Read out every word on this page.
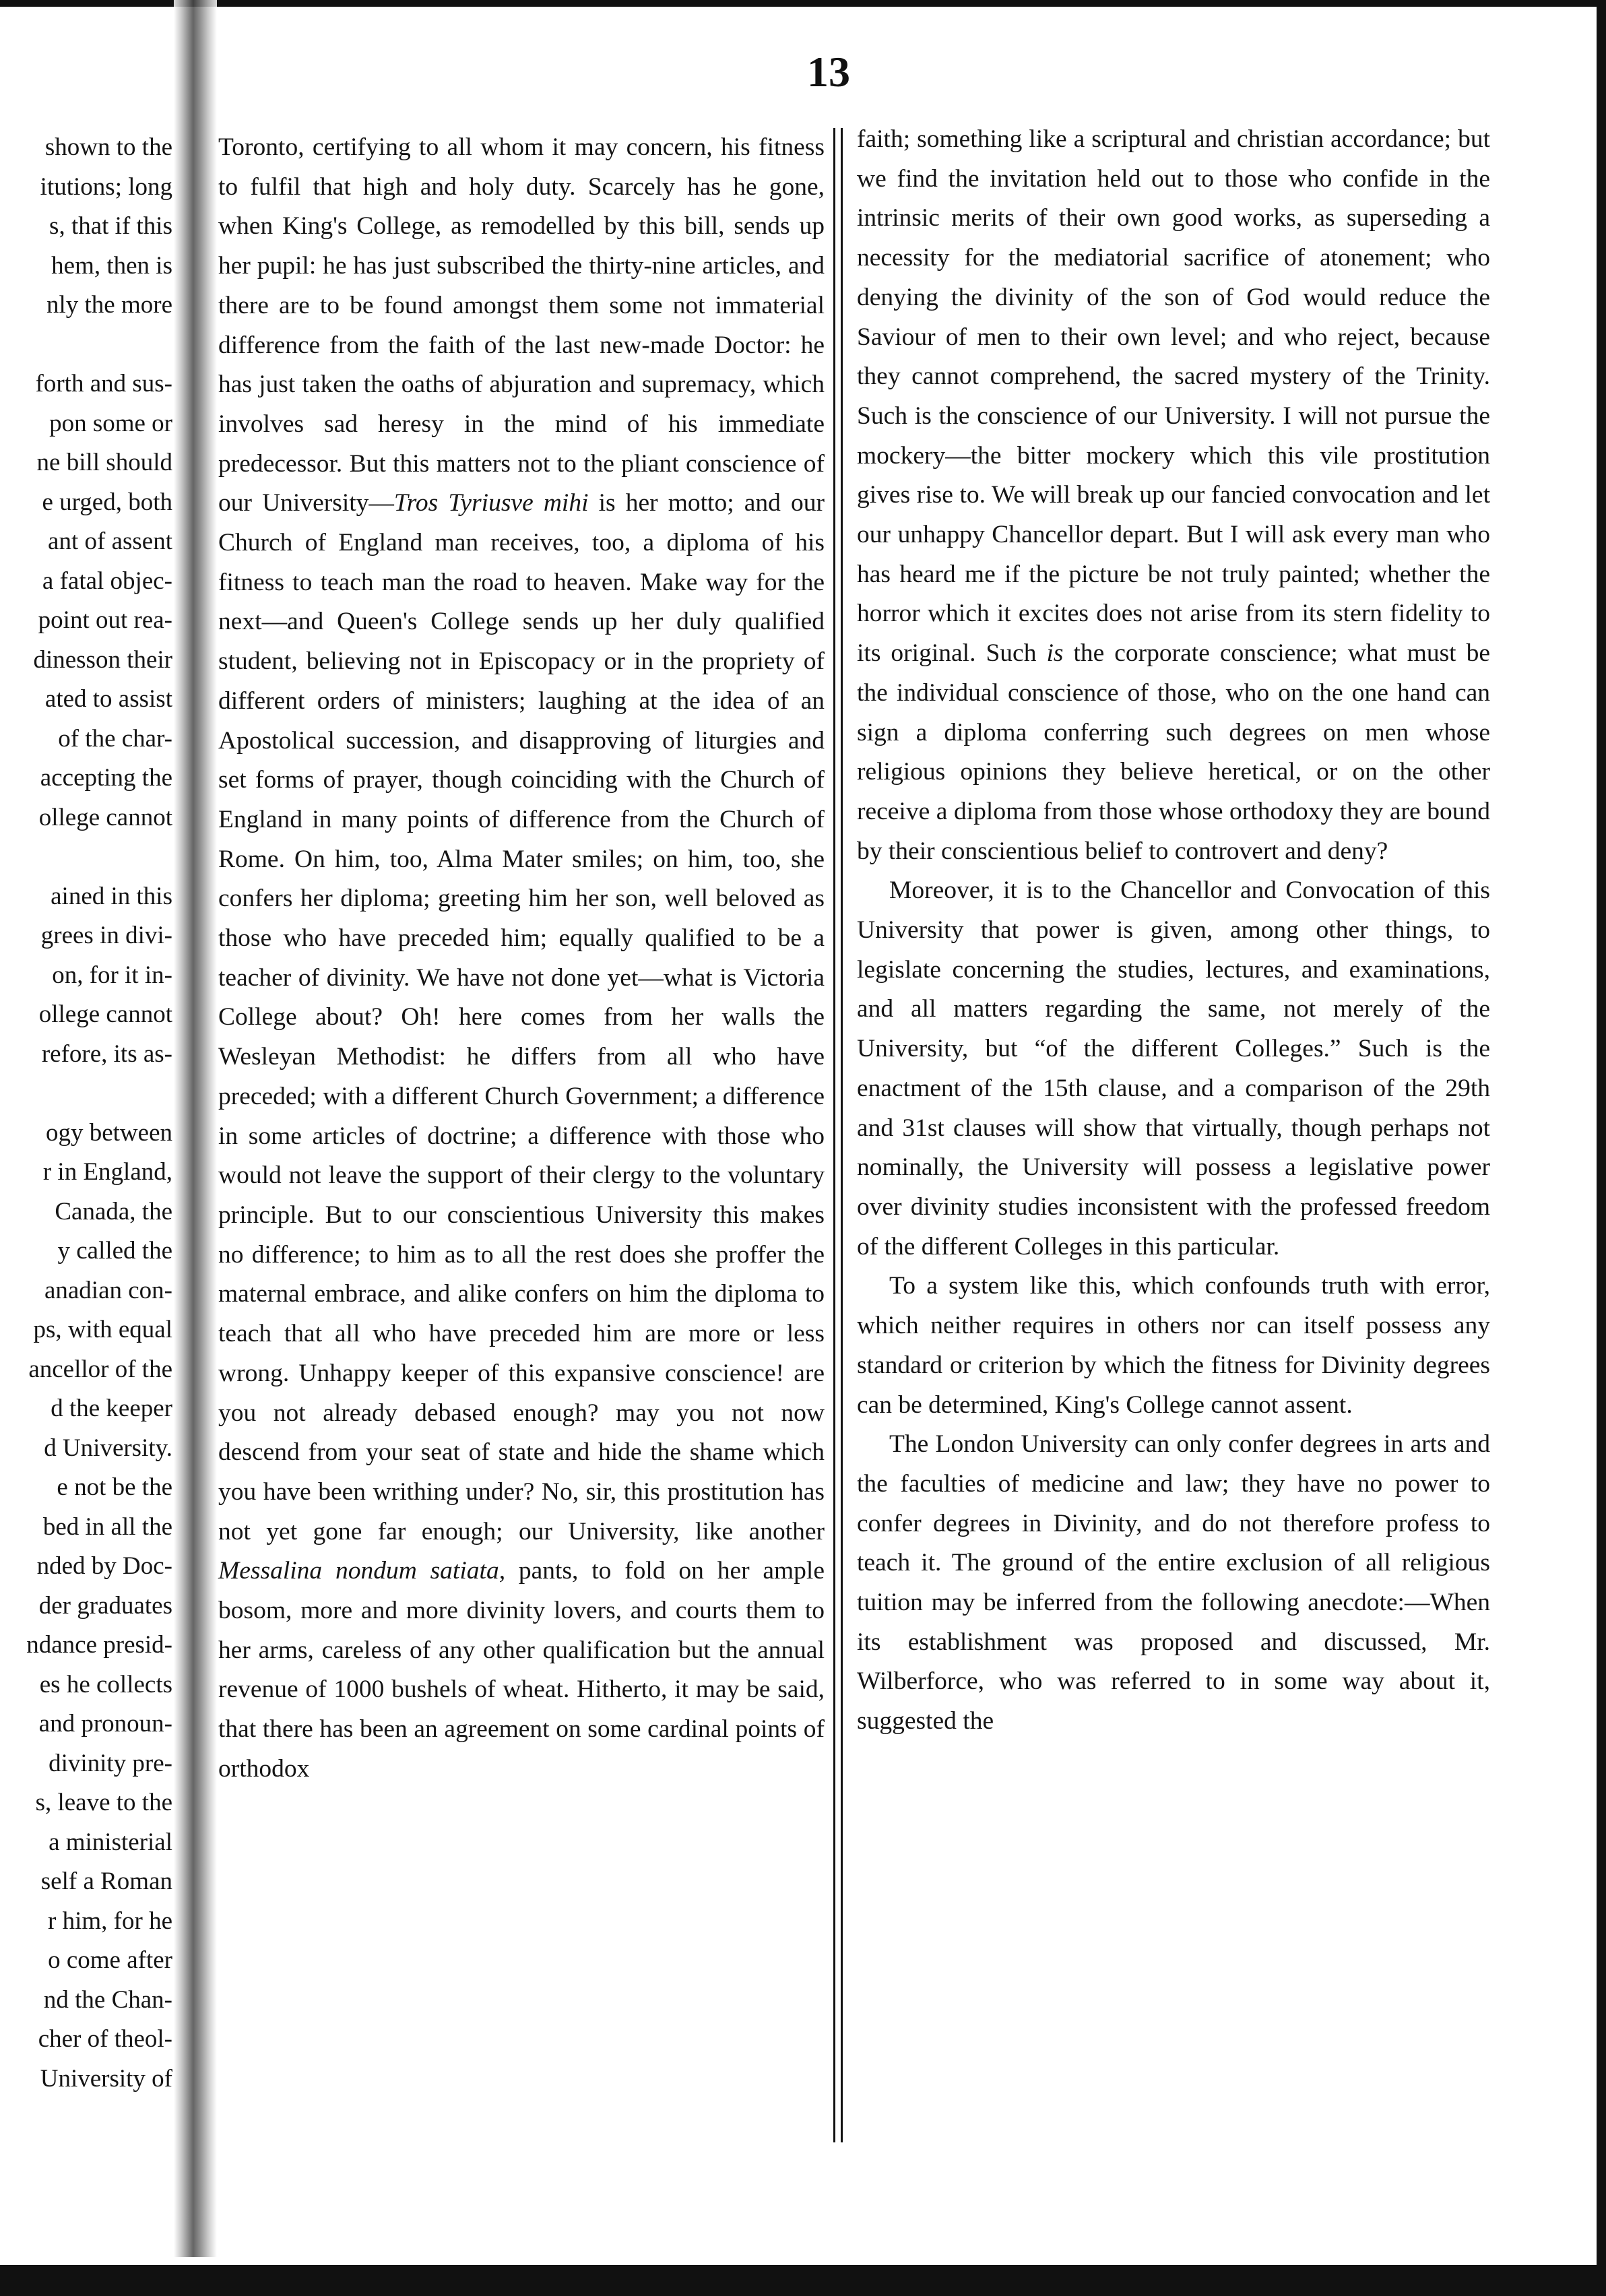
13
shown to the
itutions; long
s, that if this
hem, then is
nly the more
forth and sus-
pon some or
ne bill should
e urged, both
ant of assent
a fatal objec-
point out rea-
dinesson their
ated to assist
of the char-
accepting the
ollege cannot
ained in this
grees in divi-
on, for it in-
ollege cannot
refore, its as-
ogy between
r in England,
Canada, the
y called the
anadian con-
ps, with equal
ancellor of the
d the keeper
d University.
e not be the
bed in all the
nded by Doc-
der graduates
ndance presid-
es he collects
and pronoun-
divinity pre-
s, leave to the
a ministerial
self a Roman
r him, for he
o come after
nd the Chan-
cher of theol-
University of

Toronto, certifying to all whom it may concern, his fitness to fulfil that high and holy duty. Scarcely has he gone, when King's College, as remodelled by this bill, sends up her pupil: he has just subscribed the thirty-nine articles, and there are to be found amongst them some not immaterial difference from the faith of the last new-made Doctor: he has just taken the oaths of abjuration and supremacy, which involves sad heresy in the mind of his immediate predecessor. But this matters not to the pliant conscience of our University—Tros Tyriusve mihi is her motto; and our Church of England man receives, too, a diploma of his fitness to teach man the road to heaven. Make way for the next—and Queen's College sends up her duly qualified student, believing not in Episcopacy or in the propriety of different orders of ministers; laughing at the idea of an Apostolical succession, and disapproving of liturgies and set forms of prayer, though coinciding with the Church of England in many points of difference from the Church of Rome. On him, too, Alma Mater smiles; on him, too, she confers her diploma; greeting him her son, well beloved as those who have preceded him; equally qualified to be a teacher of divinity. We have not done yet—what is Victoria College about? Oh! here comes from her walls the Wesleyan Methodist: he differs from all who have preceded; with a different Church Government; a difference in some articles of doctrine; a difference with those who would not leave the support of their clergy to the voluntary principle. But to our conscientious University this makes no difference; to him as to all the rest does she proffer the maternal embrace, and alike confers on him the diploma to teach that all who have preceded him are more or less wrong. Unhappy keeper of this expansive conscience! are you not already debased enough? may you not now descend from your seat of state and hide the shame which you have been writhing under? No, sir, this prostitution has not yet gone far enough; our University, like another Messalina nondum satiata, pants, to fold on her ample bosom, more and more divinity lovers, and courts them to her arms, careless of any other qualification but the annual revenue of 1000 bushels of wheat. Hitherto, it may be said, that there has been an agreement on some cardinal points of orthodox

faith; something like a scriptural and christian accordance; but we find the invitation held out to those who confide in the intrinsic merits of their own good works, as superseding a necessity for the mediatorial sacrifice of atonement; who denying the divinity of the son of God would reduce the Saviour of men to their own level; and who reject, because they cannot comprehend, the sacred mystery of the Trinity. Such is the conscience of our University. I will not pursue the mockery—the bitter mockery which this vile prostitution gives rise to. We will break up our fancied convocation and let our unhappy Chancellor depart. But I will ask every man who has heard me if the picture be not truly painted; whether the horror which it excites does not arise from its stern fidelity to its original. Such is the corporate conscience; what must be the individual conscience of those, who on the one hand can sign a diploma conferring such degrees on men whose religious opinions they believe heretical, or on the other receive a diploma from those whose orthodoxy they are bound by their conscientious belief to controvert and deny?

Moreover, it is to the Chancellor and Convocation of this University that power is given, among other things, to legislate concerning the studies, lectures, and examinations, and all matters regarding the same, not merely of the University, but “of the different Colleges.” Such is the enactment of the 15th clause, and a comparison of the 29th and 31st clauses will show that virtually, though perhaps not nominally, the University will possess a legislative power over divinity studies inconsistent with the professed freedom of the different Colleges in this particular.

To a system like this, which confounds truth with error, which neither requires in others nor can itself possess any standard or criterion by which the fitness for Divinity degrees can be determined, King's College cannot assent.

The London University can only confer degrees in arts and the faculties of medicine and law; they have no power to confer degrees in Divinity, and do not therefore profess to teach it. The ground of the entire exclusion of all religious tuition may be inferred from the following anecdote:—When its establishment was proposed and discussed, Mr. Wilberforce, who was referred to in some way about it, suggested the
